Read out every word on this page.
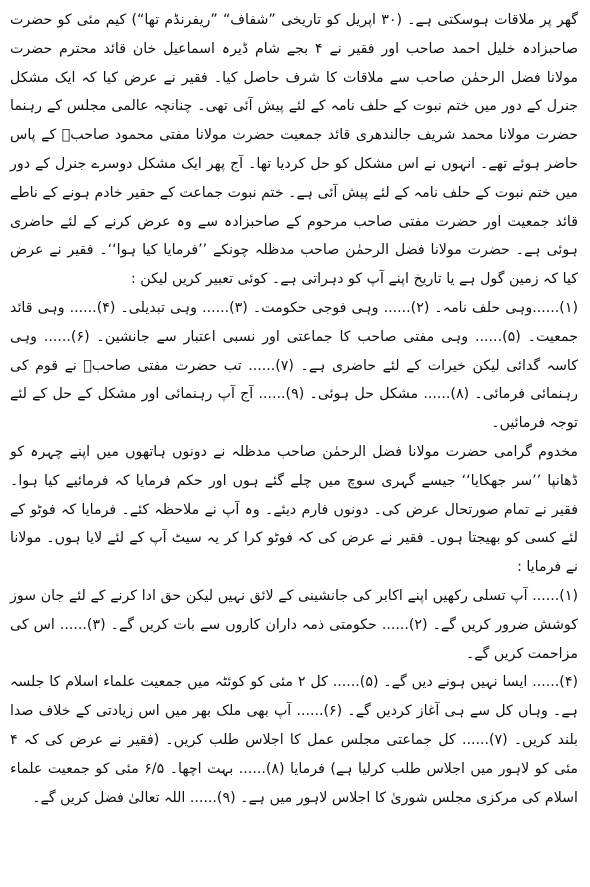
گھر پر ملاقات ہوسکتی ہے۔ (۳۰ اپریل کو تاریخی ”شفاف“ ”ریفرنڈم تھا“) کیم مئی کو حضرت صاحبزادہ خلیل احمد صاحب اور فقیر نے ۴ بجے شام ڈیرہ اسماعیل خان قائد محترم حضرت مولانا فضل الرحمٰن صاحب سے ملاقات کا شرف حاصل کیا۔ فقیر نے عرض کیا کہ ایک مشکل جنرل کے دور میں ختم نبوت کے حلف نامہ کے لئے پیش آئی تھی۔ چنانچہ عالمی مجلس کے رہنما حضرت مولانا محمد شریف جالندھری قائد جمعیت حضرت مولانا مفتی محمود صاحبؒ کے پاس حاضر ہوئے تھے۔ انہوں نے اس مشکل کو حل کردیا تھا۔ آج پھر ایک مشکل دوسرے جنرل کے دور میں ختم نبوت کے حلف نامہ کے لئے پیش آئی ہے۔ ختم نبوت جماعت کے حقیر خادم ہونے کے ناطے قائد جمعیت اور حضرت مفتی صاحب مرحوم کے صاحبزادہ سے وہ عرض کرنے کے لئے حاضری ہوئی ہے۔ حضرت مولانا فضل الرحمٰن صاحب مدظلہ چونکے ’’فرمایا کیا ہوا‘‘۔ فقیر نے عرض کیا کہ زمین گول ہے یا تاریخ اپنے آپ کو دہراتی ہے۔ کوئی تعبیر کریں لیکن :

(۱)......وہی حلف نامہ۔ (۲)...... وہی فوجی حکومت۔ (۳)...... وہی تبدیلی۔ (۴)...... وہی قائد جمعیت۔ (۵)...... وہی مفتی صاحب کا جماعتی اور نسبی اعتبار سے جانشین۔ (۶)...... وہی کاسہ گدائی لیکن خیرات کے لئے حاضری ہے۔ (۷)...... تب حضرت مفتی صاحبؒ نے قوم کی رہنمائی فرمائی۔ (۸)...... مشکل حل ہوئی۔ (۹)...... آج آپ رہنمائی اور مشکل کے حل کے لئے توجہ فرمائیں۔

مخدوم گرامی حضرت مولانا فضل الرحمٰن صاحب مدظلہ نے دونوں ہاتھوں میں اپنے چہرہ کو ڈھانپا ’’سر جھکایا‘‘ جیسے گہری سوچ میں چلے گئے ہوں اور حکم فرمایا کہ فرمائیے کیا ہوا۔ فقیر نے تمام صورتحال عرض کی۔ دونوں فارم دیئے۔ وہ آپ نے ملاحظہ کئے۔ فرمایا کہ فوٹو کے لئے کسی کو بھیجتا ہوں۔ فقیر نے عرض کی کہ فوٹو کرا کر یہ سیٹ آپ کے لئے لایا ہوں۔ مولانا نے فرمایا :

(۱)...... آپ تسلی رکھیں اپنے اکابر کی جانشینی کے لائق نہیں لیکن حق ادا کرنے کے لئے جان سوز کوشش ضرور کریں گے۔ (۲)...... حکومتی ذمہ داران کاروں سے بات کریں گے۔ (۳)...... اس کی مزاحمت کریں گے۔

(۴)...... ایسا نہیں ہونے دیں گے۔ (۵)...... کل ۲ مئی کو کوئٹہ میں جمعیت علماء اسلام کا جلسہ ہے۔ وہاں کل سے ہی آغاز کردیں گے۔ (۶)...... آپ بھی ملک بھر میں اس زیادتی کے خلاف صدا بلند کریں۔ (۷)...... کل جماعتی مجلس عمل کا اجلاس طلب کریں۔ (فقیر نے عرض کی کہ ۴ مئی کو لاہور میں اجلاس طلب کرلیا ہے) فرمایا (۸)...... بہت اچھا۔ ۶/۵ مئی کو جمعیت علماء اسلام کی مرکزی مجلس شوریٰ کا اجلاس لاہور میں ہے۔ (۹)...... اللہ تعالیٰ فضل کریں گے۔
